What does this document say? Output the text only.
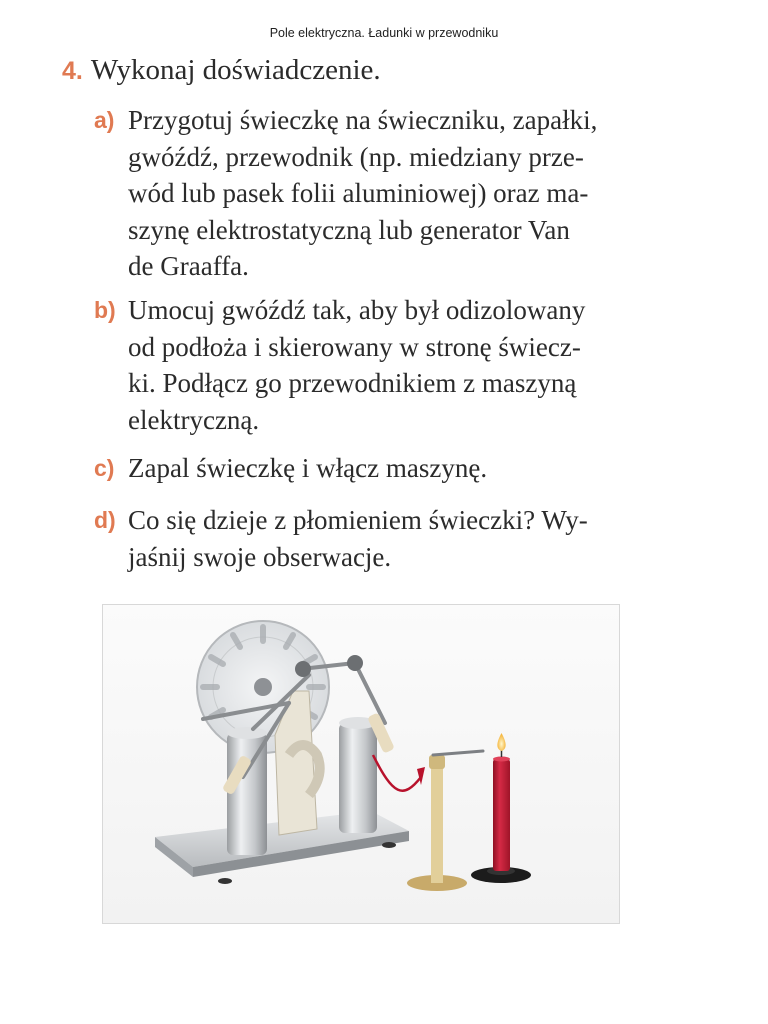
Pole elektryczna. Ładunki w przewodniku
4. Wykonaj doświadczenie.
a) Przygotuj świeczkę na świeczniku, zapałki,
gwóźdź, przewodnik (np. miedziany prze-
wód lub pasek folii aluminiowej) oraz ma-
szynę elektrostatyczną lub generator Van
de Graaffa.
b) Umocuj gwóźdź tak, aby był odizolowany
od podłoża i skierowany w stronę świecz-
ki. Podłącz go przewodnikiem z maszyną
elektryczną.
c) Zapal świeczkę i włącz maszynę.
d) Co się dzieje z płomieniem świeczki? Wy-
jaśnij swoje obserwacje.
